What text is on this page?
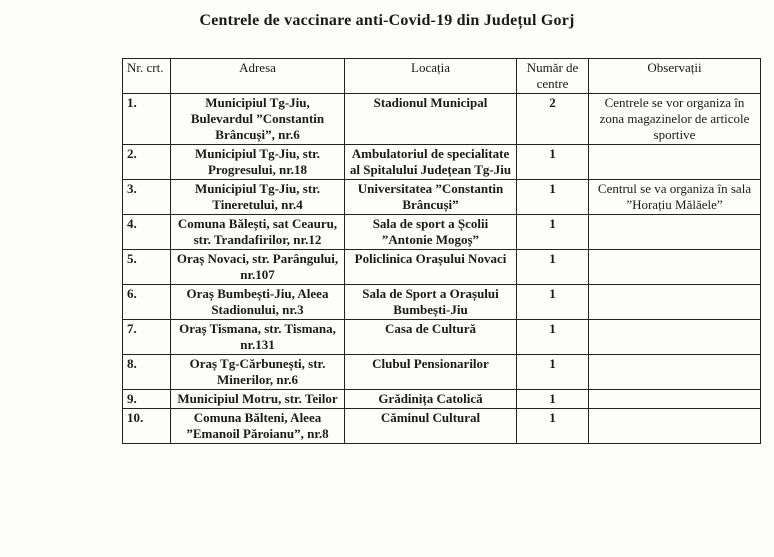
Centrele de vaccinare anti-Covid-19 din Județul Gorj
Nr. crt.	Adresa	Locația	Număr de centre	Observații
1.	Municipiul Tg-Jiu, Bulevardul ”Constantin Brâncuși”, nr.6	Stadionul Municipal	2	Centrele se vor organiza în zona magazinelor de articole sportive
2.	Municipiul Tg-Jiu, str. Progresului, nr.18	Ambulatoriul de specialitate al Spitalului Județean Tg-Jiu	1	
3.	Municipiul Tg-Jiu, str. Tineretului, nr.4	Universitatea ”Constantin Brâncuși”	1	Centrul se va organiza în sala ”Horațiu Mălăele”
4.	Comuna Bălești, sat Ceauru, str. Trandafirilor, nr.12	Sala de sport a Școlii ”Antonie Mogoș”	1	
5.	Oraș Novaci, str. Parângului, nr.107	Policlinica Orașului Novaci	1	
6.	Oraș Bumbești-Jiu, Aleea Stadionului, nr.3	Sala de Sport a Orașului Bumbești-Jiu	1	
7.	Oraș Tismana, str. Tismana, nr.131	Casa de Cultură	1	
8.	Oraș Tg-Cărbunești, str. Minerilor, nr.6	Clubul Pensionarilor	1	
9.	Municipiul Motru, str. Teilor	Grădinița Catolică	1	
10.	Comuna Bălteni, Aleea ”Emanoil Păroianu”, nr.8	Căminul Cultural	1	
